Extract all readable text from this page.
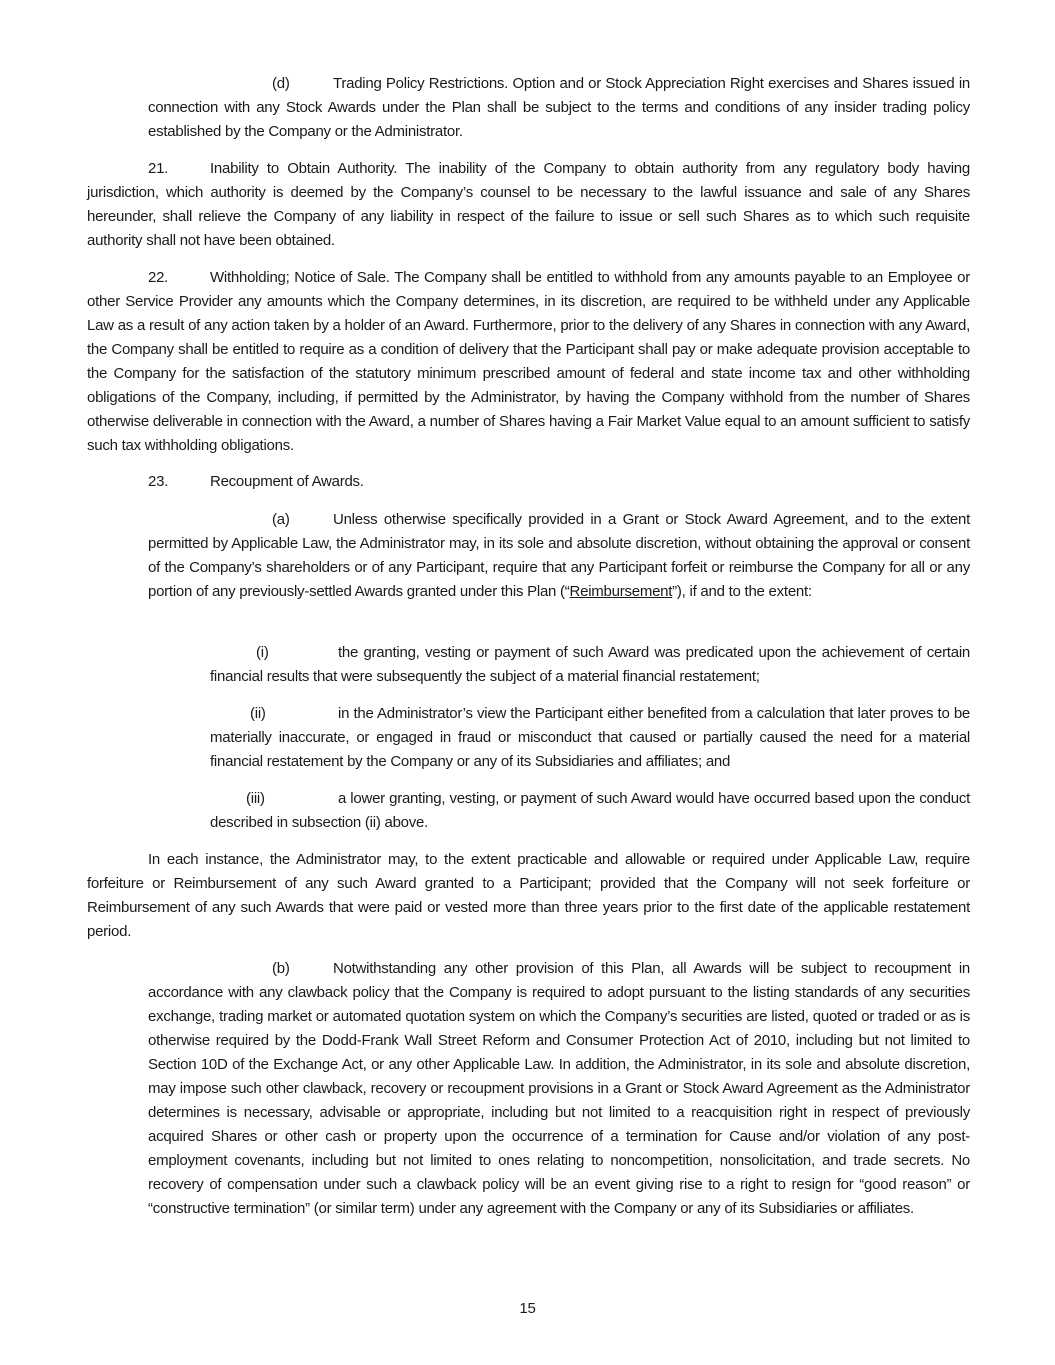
(d)	Trading Policy Restrictions. Option and or Stock Appreciation Right exercises and Shares issued in connection with any Stock Awards under the Plan shall be subject to the terms and conditions of any insider trading policy established by the Company or the Administrator.

21.	Inability to Obtain Authority. The inability of the Company to obtain authority from any regulatory body having jurisdiction, which authority is deemed by the Company’s counsel to be necessary to the lawful issuance and sale of any Shares hereunder, shall relieve the Company of any liability in respect of the failure to issue or sell such Shares as to which such requisite authority shall not have been obtained.

22.	Withholding; Notice of Sale. The Company shall be entitled to withhold from any amounts payable to an Employee or other Service Provider any amounts which the Company determines, in its discretion, are required to be withheld under any Applicable Law as a result of any action taken by a holder of an Award. Furthermore, prior to the delivery of any Shares in connection with any Award, the Company shall be entitled to require as a condition of delivery that the Participant shall pay or make adequate provision acceptable to the Company for the satisfaction of the statutory minimum prescribed amount of federal and state income tax and other withholding obligations of the Company, including, if permitted by the Administrator, by having the Company withhold from the number of Shares otherwise deliverable in connection with the Award, a number of Shares having a Fair Market Value equal to an amount sufficient to satisfy such tax withholding obligations.

23.	Recoupment of Awards.

(a)	Unless otherwise specifically provided in a Grant or Stock Award Agreement, and to the extent permitted by Applicable Law, the Administrator may, in its sole and absolute discretion, without obtaining the approval or consent of the Company’s shareholders or of any Participant, require that any Participant forfeit or reimburse the Company for all or any portion of any previously-settled Awards granted under this Plan (“Reimbursement”), if and to the extent:

(i)	the granting, vesting or payment of such Award was predicated upon the achievement of certain financial results that were subsequently the subject of a material financial restatement;

(ii)	in the Administrator’s view the Participant either benefited from a calculation that later proves to be materially inaccurate, or engaged in fraud or misconduct that caused or partially caused the need for a material financial restatement by the Company or any of its Subsidiaries and affiliates; and

(iii)	a lower granting, vesting, or payment of such Award would have occurred based upon the conduct described in subsection (ii) above.

In each instance, the Administrator may, to the extent practicable and allowable or required under Applicable Law, require forfeiture or Reimbursement of any such Award granted to a Participant; provided that the Company will not seek forfeiture or Reimbursement of any such Awards that were paid or vested more than three years prior to the first date of the applicable restatement period.

(b)	Notwithstanding any other provision of this Plan, all Awards will be subject to recoupment in accordance with any clawback policy that the Company is required to adopt pursuant to the listing standards of any securities exchange, trading market or automated quotation system on which the Company’s securities are listed, quoted or traded or as is otherwise required by the Dodd-Frank Wall Street Reform and Consumer Protection Act of 2010, including but not limited to Section 10D of the Exchange Act, or any other Applicable Law. In addition, the Administrator, in its sole and absolute discretion, may impose such other clawback, recovery or recoupment provisions in a Grant or Stock Award Agreement as the Administrator determines is necessary, advisable or appropriate, including but not limited to a reacquisition right in respect of previously acquired Shares or other cash or property upon the occurrence of a termination for Cause and/or violation of any post-employment covenants, including but not limited to ones relating to noncompetition, nonsolicitation, and trade secrets. No recovery of compensation under such a clawback policy will be an event giving rise to a right to resign for “good reason” or “constructive termination” (or similar term) under any agreement with the Company or any of its Subsidiaries or affiliates.

15
